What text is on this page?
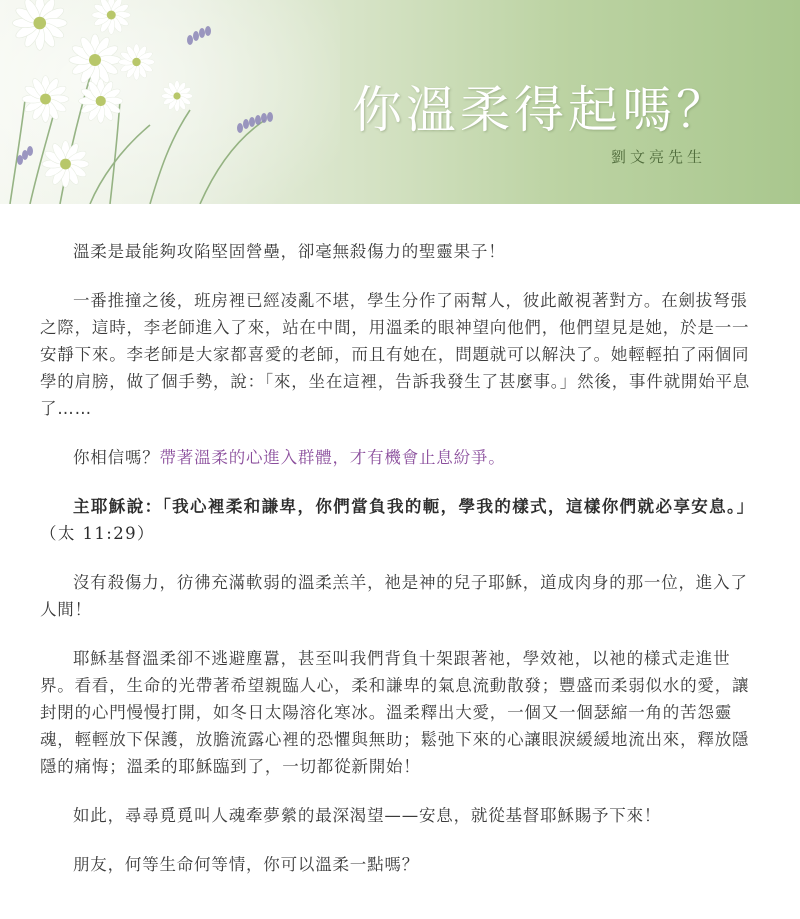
你溫柔得起嗎？
劉文亮先生

溫柔是最能夠攻陷堅固營壘，卻毫無殺傷力的聖靈果子！

一番推撞之後，班房裡已經凌亂不堪，學生分作了兩幫人，彼此敵視著對方。在劍拔弩張之際，這時，李老師進入了來，站在中間，用溫柔的眼神望向他們，他們望見是她，於是一一安靜下來。李老師是大家都喜愛的老師，而且有她在，問題就可以解決了。她輕輕拍了兩個同學的肩膀，做了個手勢，說：「來，坐在這裡，告訴我發生了甚麼事。」然後，事件就開始平息了……

你相信嗎？帶著溫柔的心進入群體，才有機會止息紛爭。

主耶穌說：「我心裡柔和謙卑，你們當負我的軛，學我的樣式，這樣你們就必享安息。」（太 11:29）

沒有殺傷力，彷彿充滿軟弱的溫柔羔羊，祂是神的兒子耶穌，道成肉身的那一位，進入了人間！

耶穌基督溫柔卻不逃避塵囂，甚至叫我們背負十架跟著祂，學效祂，以祂的樣式走進世界。看看，生命的光帶著希望親臨人心，柔和謙卑的氣息流動散發；豐盛而柔弱似水的愛，讓封閉的心門慢慢打開，如冬日太陽溶化寒冰。溫柔釋出大愛，一個又一個瑟縮一角的苦怨靈魂，輕輕放下保護，放膽流露心裡的恐懼與無助；鬆弛下來的心讓眼淚緩緩地流出來，釋放隱隱的痛悔；溫柔的耶穌臨到了，一切都從新開始！

如此，尋尋覓覓叫人魂牽夢縈的最深渴望——安息，就從基督耶穌賜予下來！

朋友，何等生命何等情，你可以溫柔一點嗎？
